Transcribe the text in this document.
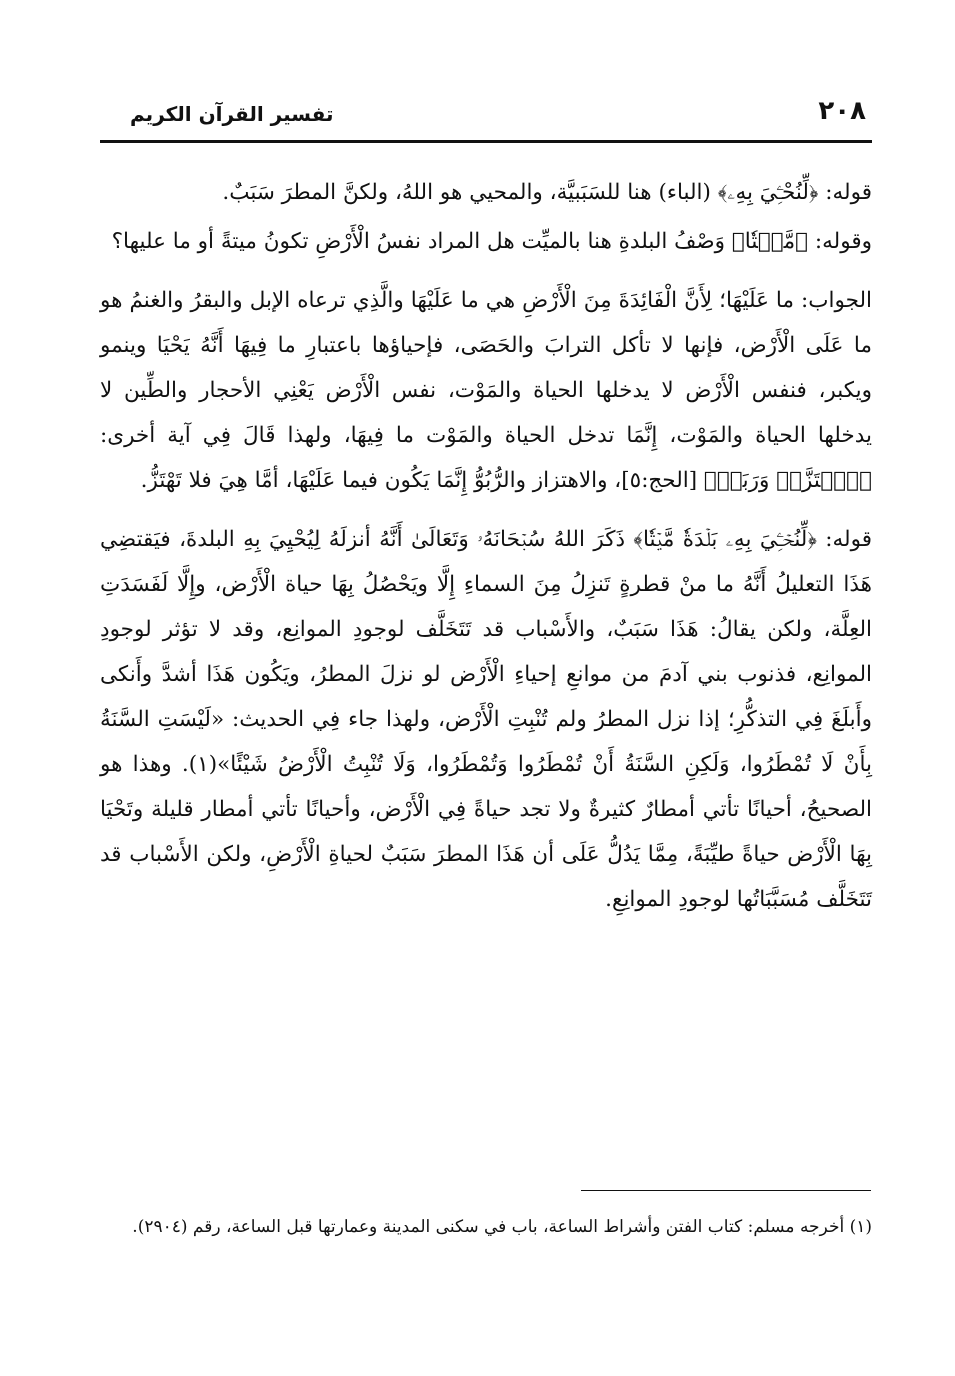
٢٠٨
تفسير القرآن الكريم

قوله: ﴿لِّنُحْـِۧيَ بِهِۦ﴾ (الباء) هنا للسَبَبيَّة، والمحيي هو اللهُ، ولكنَّ المطرَ سَبَبٌ.

وقوله: ﴿مَّيۡتٗا﴾ وَصْفُ البلدةِ هنا بالميِّت هل المراد نفسُ الْأَرْضِ تكونُ ميتةً أو ما عليها؟

الجواب: ما عَلَيْهَا؛ لِأَنَّ الْفَائِدَةَ مِنَ الْأَرْضِ هي ما عَلَيْهَا والَّذِي ترعاه الإبل والبقرُ والغنمُ هو ما عَلَى الْأَرْض، فإنها لا تأكل الترابَ والحَصَى، فإحياؤها باعتبارِ ما فِيهَا أَنَّهُ يَحْيَا وينمو ويكبر، فنفس الْأَرْض لا يدخلها الحياة والمَوْت، نفس الْأَرْض يَعْنِي الأحجار والطِّين لا يدخلها الحياة والمَوْت، إِنَّمَا تدخل الحياة والمَوْت ما فِيهَا، ولهذا قَالَ فِي آية أخرى: ﴿ٱهۡتَزَّتۡ وَرَبَتۡ﴾ [الحج:٥]، والاهتزاز والرُّبُوُّ إِنَّمَا يَكُون فيما عَلَيْهَا، أمَّا هِيَ فلا تَهْتَزُّ.

قوله: ﴿لِّنُحۡـِۧيَ بِهِۦ بَلۡدَةٗ مَّيۡتٗا﴾ ذَكَرَ اللهُ سُبۡحَانَهُۥ وَتَعَالَىٰ أَنَّهُ أنزلَهُ لِيُحْيِيَ بِهِ البلدةَ، فيَقتضِي هَذَا التعليلُ أَنَّهُ ما منْ قطرةٍ تَنزِلُ مِنَ السماءِ إِلَّا ويَحْصُلُ بِهَا حياة الْأَرْض، وإِلَّا لَفَسَدَتِ العِلَّة، ولكن يقالُ: هَذَا سَبَبٌ، والأَسْباب قد تَتَخَلَّف لوجودِ الموانِع، وقد لا تؤثر لوجودِ الموانِع، فذنوب بني آدمَ من موانعِ إحياءِ الْأَرْض لو نزلَ المطرُ، ويَكُون هَذَا أشدَّ وأَنكى وأَبلَغَ فِي التذكُّرِ؛ إذا نزل المطرُ ولم تُنْبِتِ الْأَرْض، ولهذا جاء فِي الحديث: «لَيْسَتِ السَّنَةُ بِأَنْ لَا تُمْطَرُوا، وَلَكِنِ السَّنَةُ أَنْ تُمْطَرُوا وَتُمْطَرُوا، وَلَا تُنْبِتُ الْأَرْضُ شَيْئًا»(١). وهذا هو الصحيحُ، أحيانًا تأتي أمطارٌ كثيرةٌ ولا تجد حياةً فِي الْأَرْض، وأحيانًا تأتي أمطار قليلة وتَحْيَا بِهَا الْأَرْض حياةً طيِّبَةً، مِمَّا يَدُلُّ عَلَى أن هَذَا المطرَ سَبَبٌ لحياةِ الْأَرْضِ، ولكن الأَسْباب قد تَتَخَلَّف مُسَبَّبَاتُها لوجودِ الموانِعِ.

(١) أخرجه مسلم: كتاب الفتن وأشراط الساعة، باب في سكنى المدينة وعمارتها قبل الساعة، رقم (٢٩٠٤).
